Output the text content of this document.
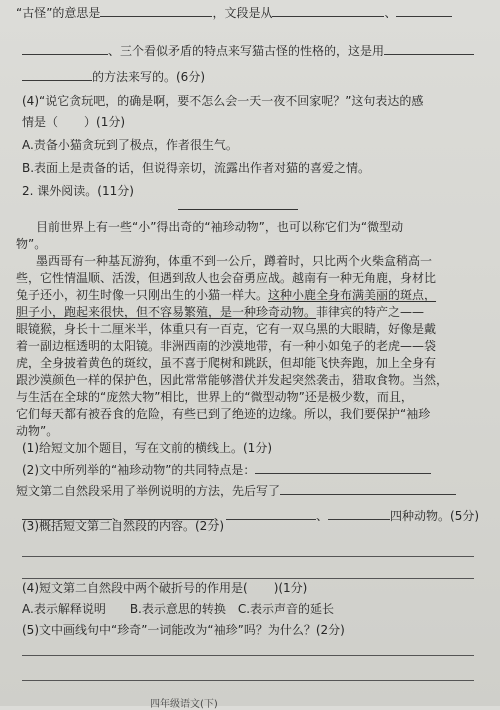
“古怪”的意思是	，文段是从	、
、三个看似矛盾的特点来写猫古怪的性格的，这是用
的方法来写的。(6分)
(4)“说它贪玩吧，的确是啊，要不怎么会一天一夜不回家呢？”这句表达的感
情是（ ）(1分)
A.责备小猫贪玩到了极点，作者很生气。
B.表面上是责备的话，但说得亲切，流露出作者对猫的喜爱之情。
2. 课外阅读。(11分)
目前世界上有一些“小”得出奇的“袖珍动物”，也可以称它们为“微型动
物”。
墨西哥有一种基瓦游狗，体重不到一公斤，蹲着时，只比两个火柴盒稍高一
些，它性情温顺、活泼，但遇到敌人也会奋勇应战。越南有一种无角鹿，身材比
兔子还小，初生时像一只刚出生的小猫一样大。这种小鹿全身布满美丽的斑点，
胆子小，跑起来很快，但不容易繁殖，是一种珍奇动物。菲律宾的特产之——
眼镜猴，身长十二厘米半，体重只有一百克，它有一双乌黑的大眼睛，好像是戴
着一副边框透明的太阳镜。非洲西南的沙漠地带，有一种小如兔子的老虎——袋
虎，全身披着黄色的斑纹，虽不喜于爬树和跳跃，但却能飞快奔跑，加上全身有
跟沙漠颜色一样的保护色，因此常常能够潜伏并发起突然袭击，猎取食物。当然，
与生活在全球的“庞然大物”相比，世界上的“微型动物”还是极少数，而且，
它们每天都有被吞食的危险，有些已到了绝迹的边缘。所以，我们要保护“袖珍
动物”。
(1)给短文加个题目，写在文前的横线上。(1分)
(2)文中所列举的“袖珍动物”的共同特点是：
短文第二自然段采用了举例说明的方法，先后写了
、	、	、	四种动物。(5分)
(3)概括短文第二自然段的内容。(2分)
(4)短文第二自然段中两个破折号的作用是( )(1分)
A.表示解释说明　　B.表示意思的转换　C.表示声音的延长
(5)文中画线句中“珍奇”一词能改为“袖珍”吗？为什么？(2分)
四年级语文(下)
